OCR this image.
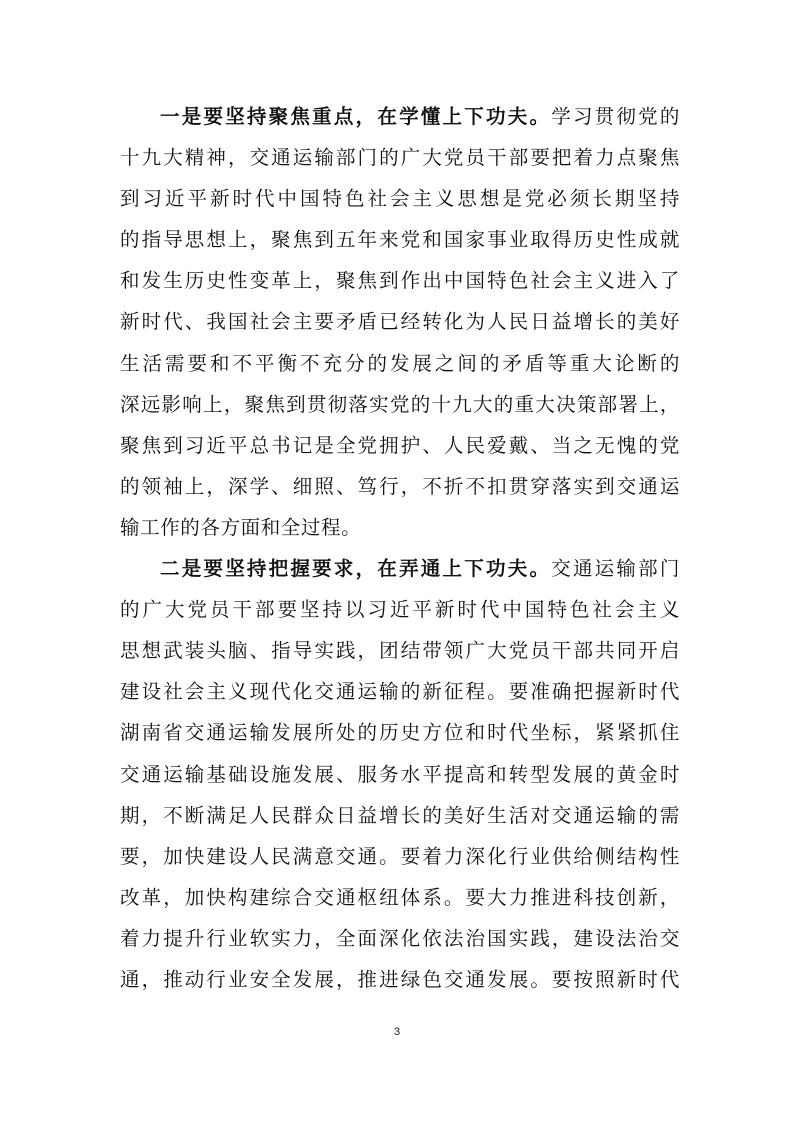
一是要坚持聚焦重点，在学懂上下功夫。学习贯彻党的
十九大精神，交通运输部门的广大党员干部要把着力点聚焦
到习近平新时代中国特色社会主义思想是党必须长期坚持
的指导思想上，聚焦到五年来党和国家事业取得历史性成就
和发生历史性变革上，聚焦到作出中国特色社会主义进入了
新时代、我国社会主要矛盾已经转化为人民日益增长的美好
生活需要和不平衡不充分的发展之间的矛盾等重大论断的
深远影响上，聚焦到贯彻落实党的十九大的重大决策部署上，
聚焦到习近平总书记是全党拥护、人民爱戴、当之无愧的党
的领袖上，深学、细照、笃行，不折不扣贯穿落实到交通运
输工作的各方面和全过程。
二是要坚持把握要求，在弄通上下功夫。交通运输部门
的广大党员干部要坚持以习近平新时代中国特色社会主义
思想武装头脑、指导实践，团结带领广大党员干部共同开启
建设社会主义现代化交通运输的新征程。要准确把握新时代
湖南省交通运输发展所处的历史方位和时代坐标，紧紧抓住
交通运输基础设施发展、服务水平提高和转型发展的黄金时
期，不断满足人民群众日益增长的美好生活对交通运输的需
要，加快建设人民满意交通。要着力深化行业供给侧结构性
改革，加快构建综合交通枢纽体系。要大力推进科技创新，
着力提升行业软实力，全面深化依法治国实践，建设法治交
通，推动行业安全发展，推进绿色交通发展。要按照新时代
3
